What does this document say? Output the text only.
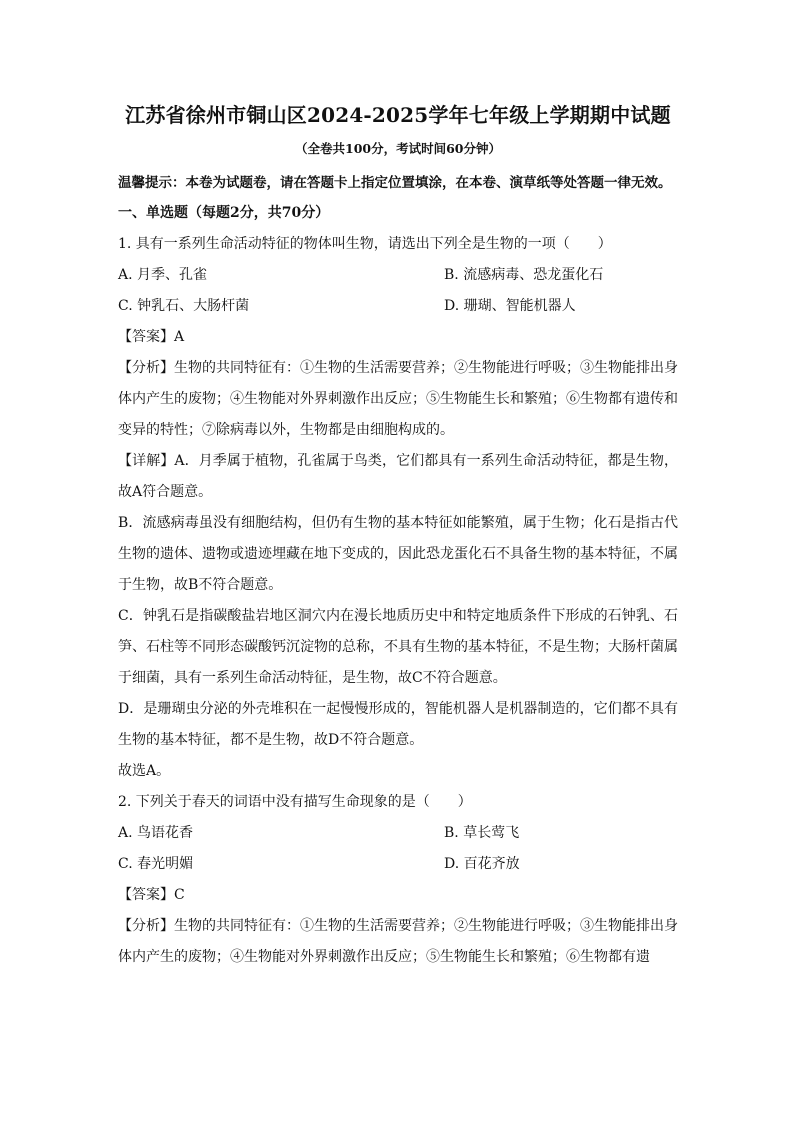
江苏省徐州市铜山区2024-2025学年七年级上学期期中试题
（全卷共100分，考试时间60分钟）

温馨提示：本卷为试题卷，请在答题卡上指定位置填涂，在本卷、演草纸等处答题一律无效。

一、单选题（每题2分，共70分）

1. 具有一系列生命活动特征的物体叫生物，请选出下列全是生物的一项（　　）

A. 月季、孔雀	B. 流感病毒、恐龙蛋化石
C. 钟乳石、大肠杆菌	D. 珊瑚、智能机器人

【答案】A

【分析】生物的共同特征有：①生物的生活需要营养；②生物能进行呼吸；③生物能排出身体内产生的废物；④生物能对外界刺激作出反应；⑤生物能生长和繁殖；⑥生物都有遗传和变异的特性；⑦除病毒以外，生物都是由细胞构成的。

【详解】A．月季属于植物，孔雀属于鸟类，它们都具有一系列生命活动特征，都是生物，故A符合题意。

B．流感病毒虽没有细胞结构，但仍有生物的基本特征如能繁殖，属于生物；化石是指古代生物的遗体、遗物或遗迹埋藏在地下变成的，因此恐龙蛋化石不具备生物的基本特征，不属于生物，故B不符合题意。

C．钟乳石是指碳酸盐岩地区洞穴内在漫长地质历史中和特定地质条件下形成的石钟乳、石笋、石柱等不同形态碳酸钙沉淀物的总称，不具有生物的基本特征，不是生物；大肠杆菌属于细菌，具有一系列生命活动特征，是生物，故C不符合题意。

D．是珊瑚虫分泌的外壳堆积在一起慢慢形成的，智能机器人是机器制造的，它们都不具有生物的基本特征，都不是生物，故D不符合题意。

故选A。

2. 下列关于春天的词语中没有描写生命现象的是（　　）

A. 鸟语花香	B. 草长莺飞
C. 春光明媚	D. 百花齐放

【答案】C

【分析】生物的共同特征有：①生物的生活需要营养；②生物能进行呼吸；③生物能排出身体内产生的废物；④生物能对外界刺激作出反应；⑤生物能生长和繁殖；⑥生物都有遗
